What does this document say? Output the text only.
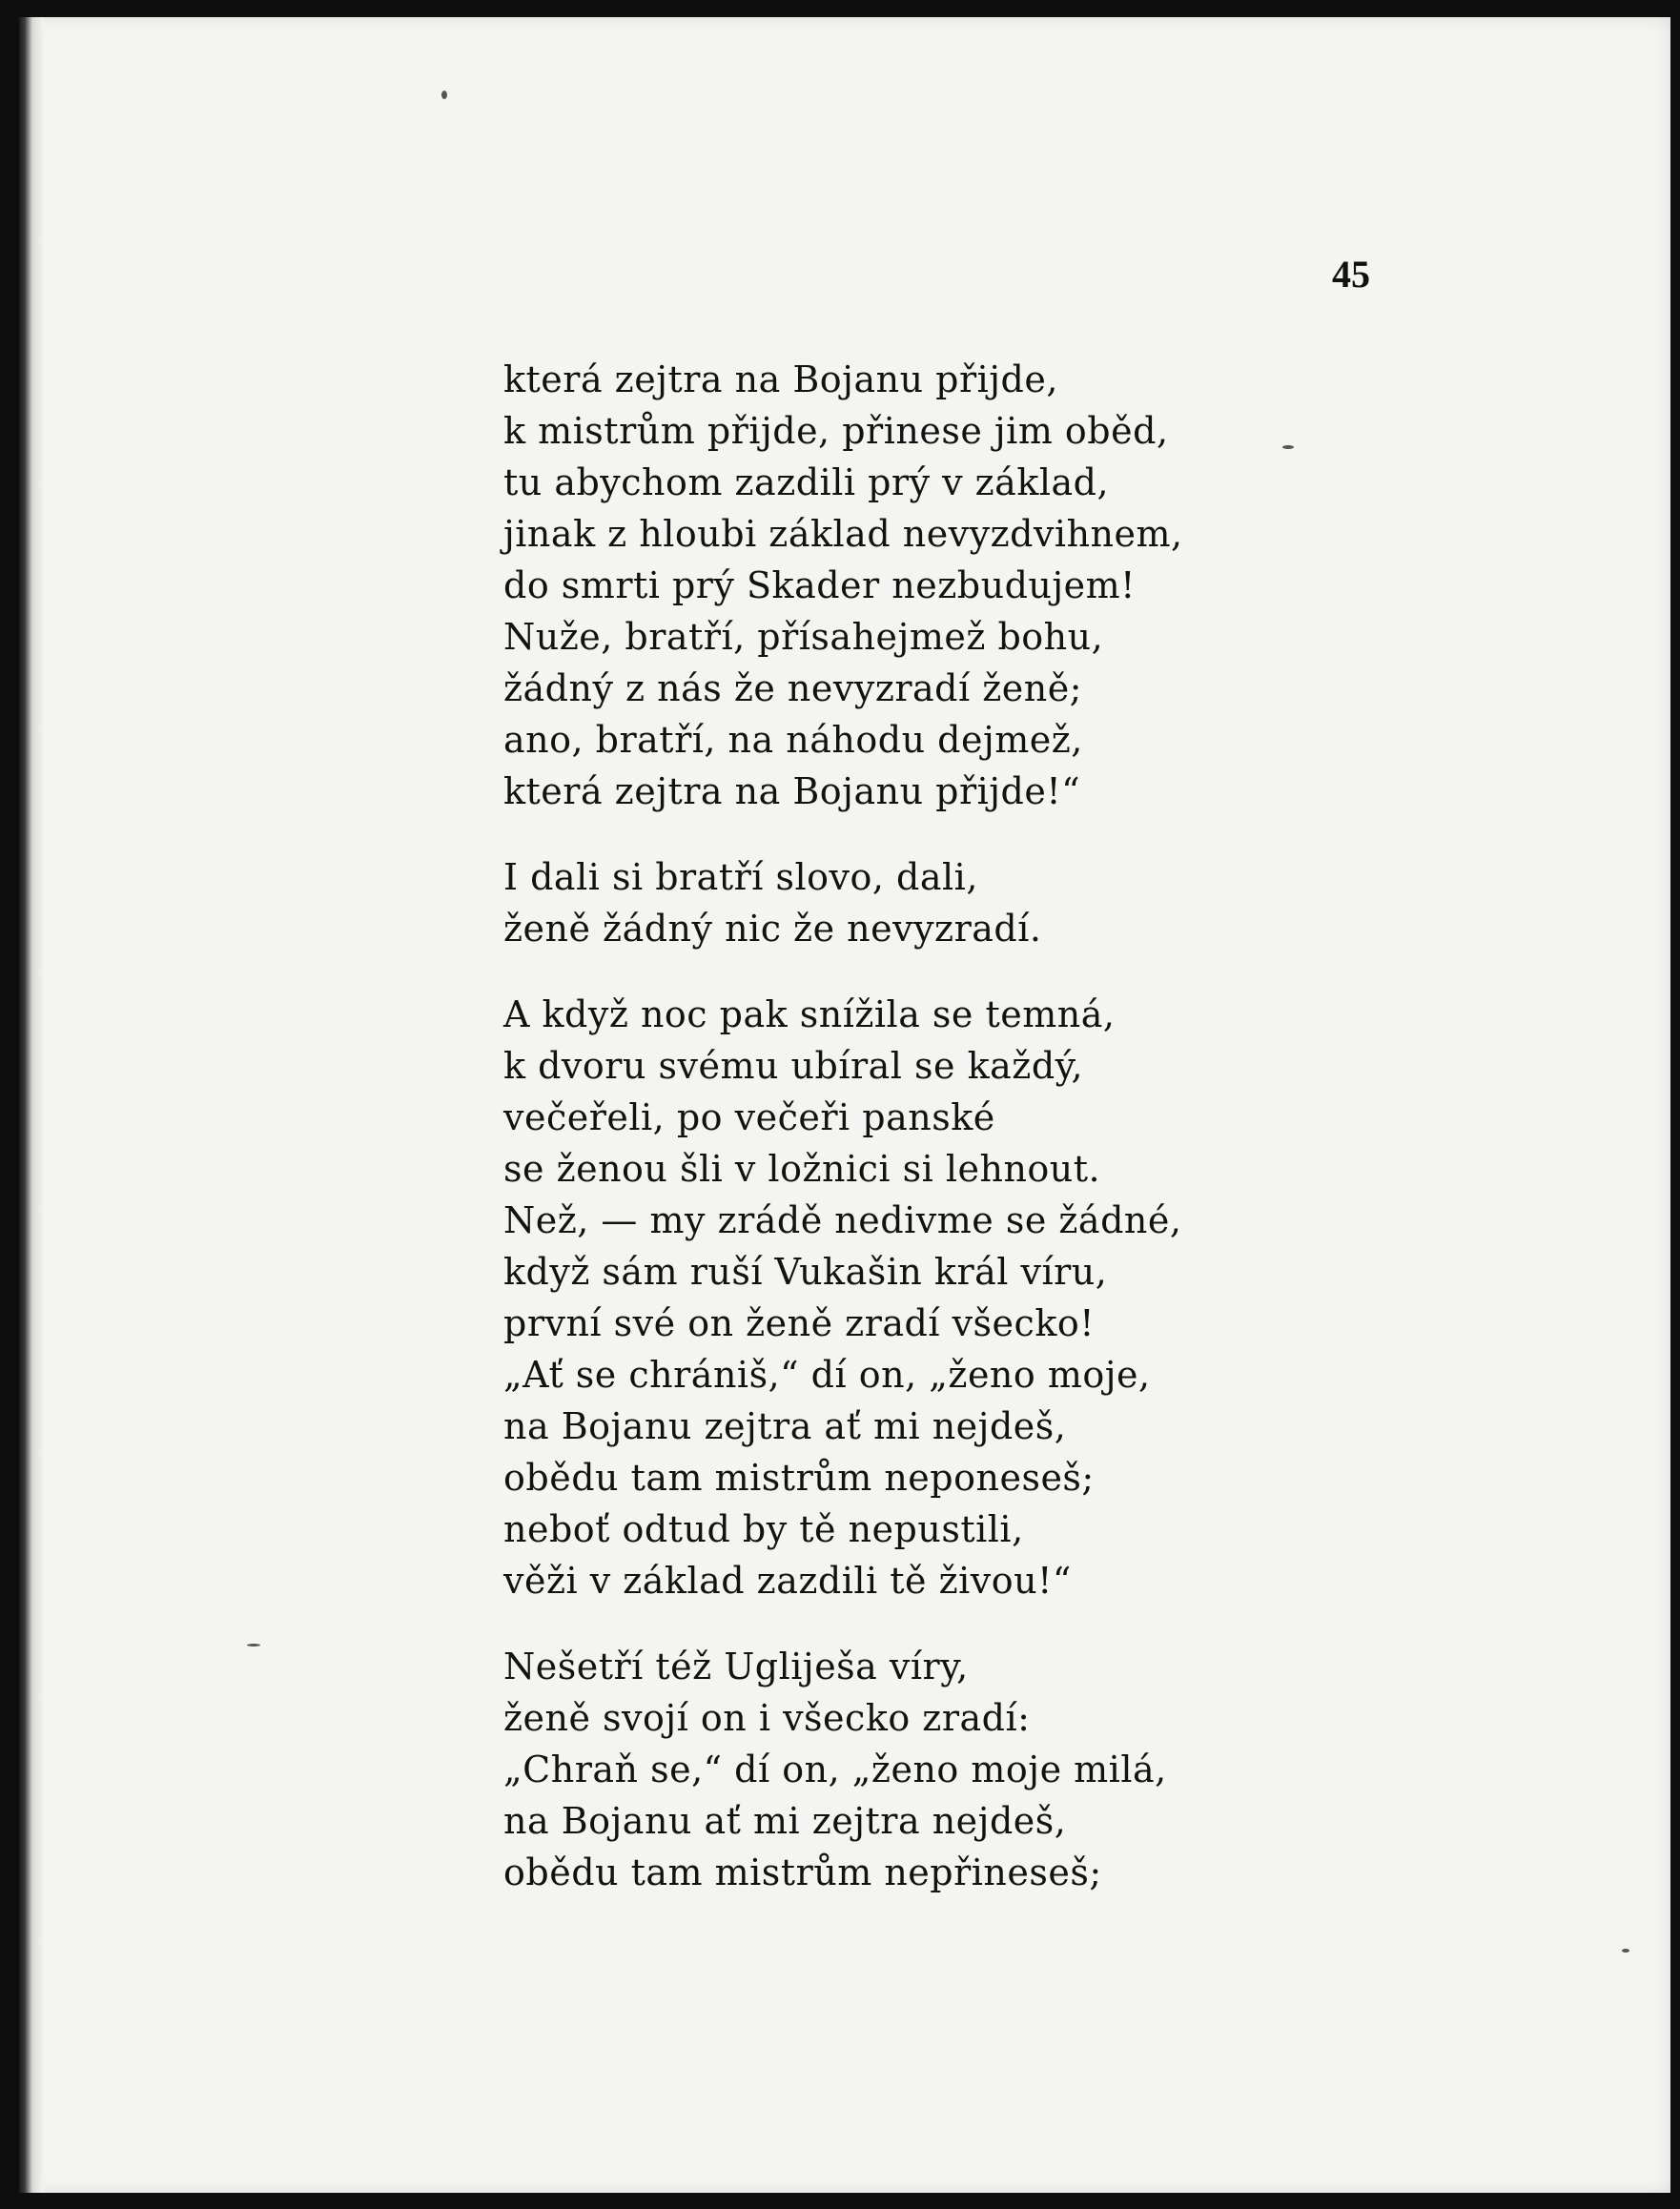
45
která zejtra na Bojanu přijde,
k mistrům přijde, přinese jim oběd,
tu abychom zazdili prý v základ,
jinak z hloubi základ nevyzdvihnem,
do smrti prý Skader nezbudujem!
Nuže, bratří, přísahejmež bohu,
žádný z nás že nevyzradí ženě;
ano, bratří, na náhodu dejmež,
která zejtra na Bojanu přijde!“
I dali si bratří slovo, dali,
ženě žádný nic že nevyzradí.
A když noc pak snížila se temná,
k dvoru svému ubíral se každý,
večeřeli, po večeři panské
se ženou šli v ložnici si lehnout.
Než, — my zrádě nedivme se žádné,
když sám ruší Vukašin král víru,
první své on ženě zradí všecko!
„Ať se chrániš,“ dí on, „ženo moje,
na Bojanu zejtra ať mi nejdeš,
obědu tam mistrům neponeseš;
neboť odtud by tě nepustili,
věži v základ zazdili tě živou!“
Nešetří též Ugliješa víry,
ženě svojí on i všecko zradí:
„Chraň se,“ dí on, „ženo moje milá,
na Bojanu ať mi zejtra nejdeš,
obědu tam mistrům nepřineseš;
